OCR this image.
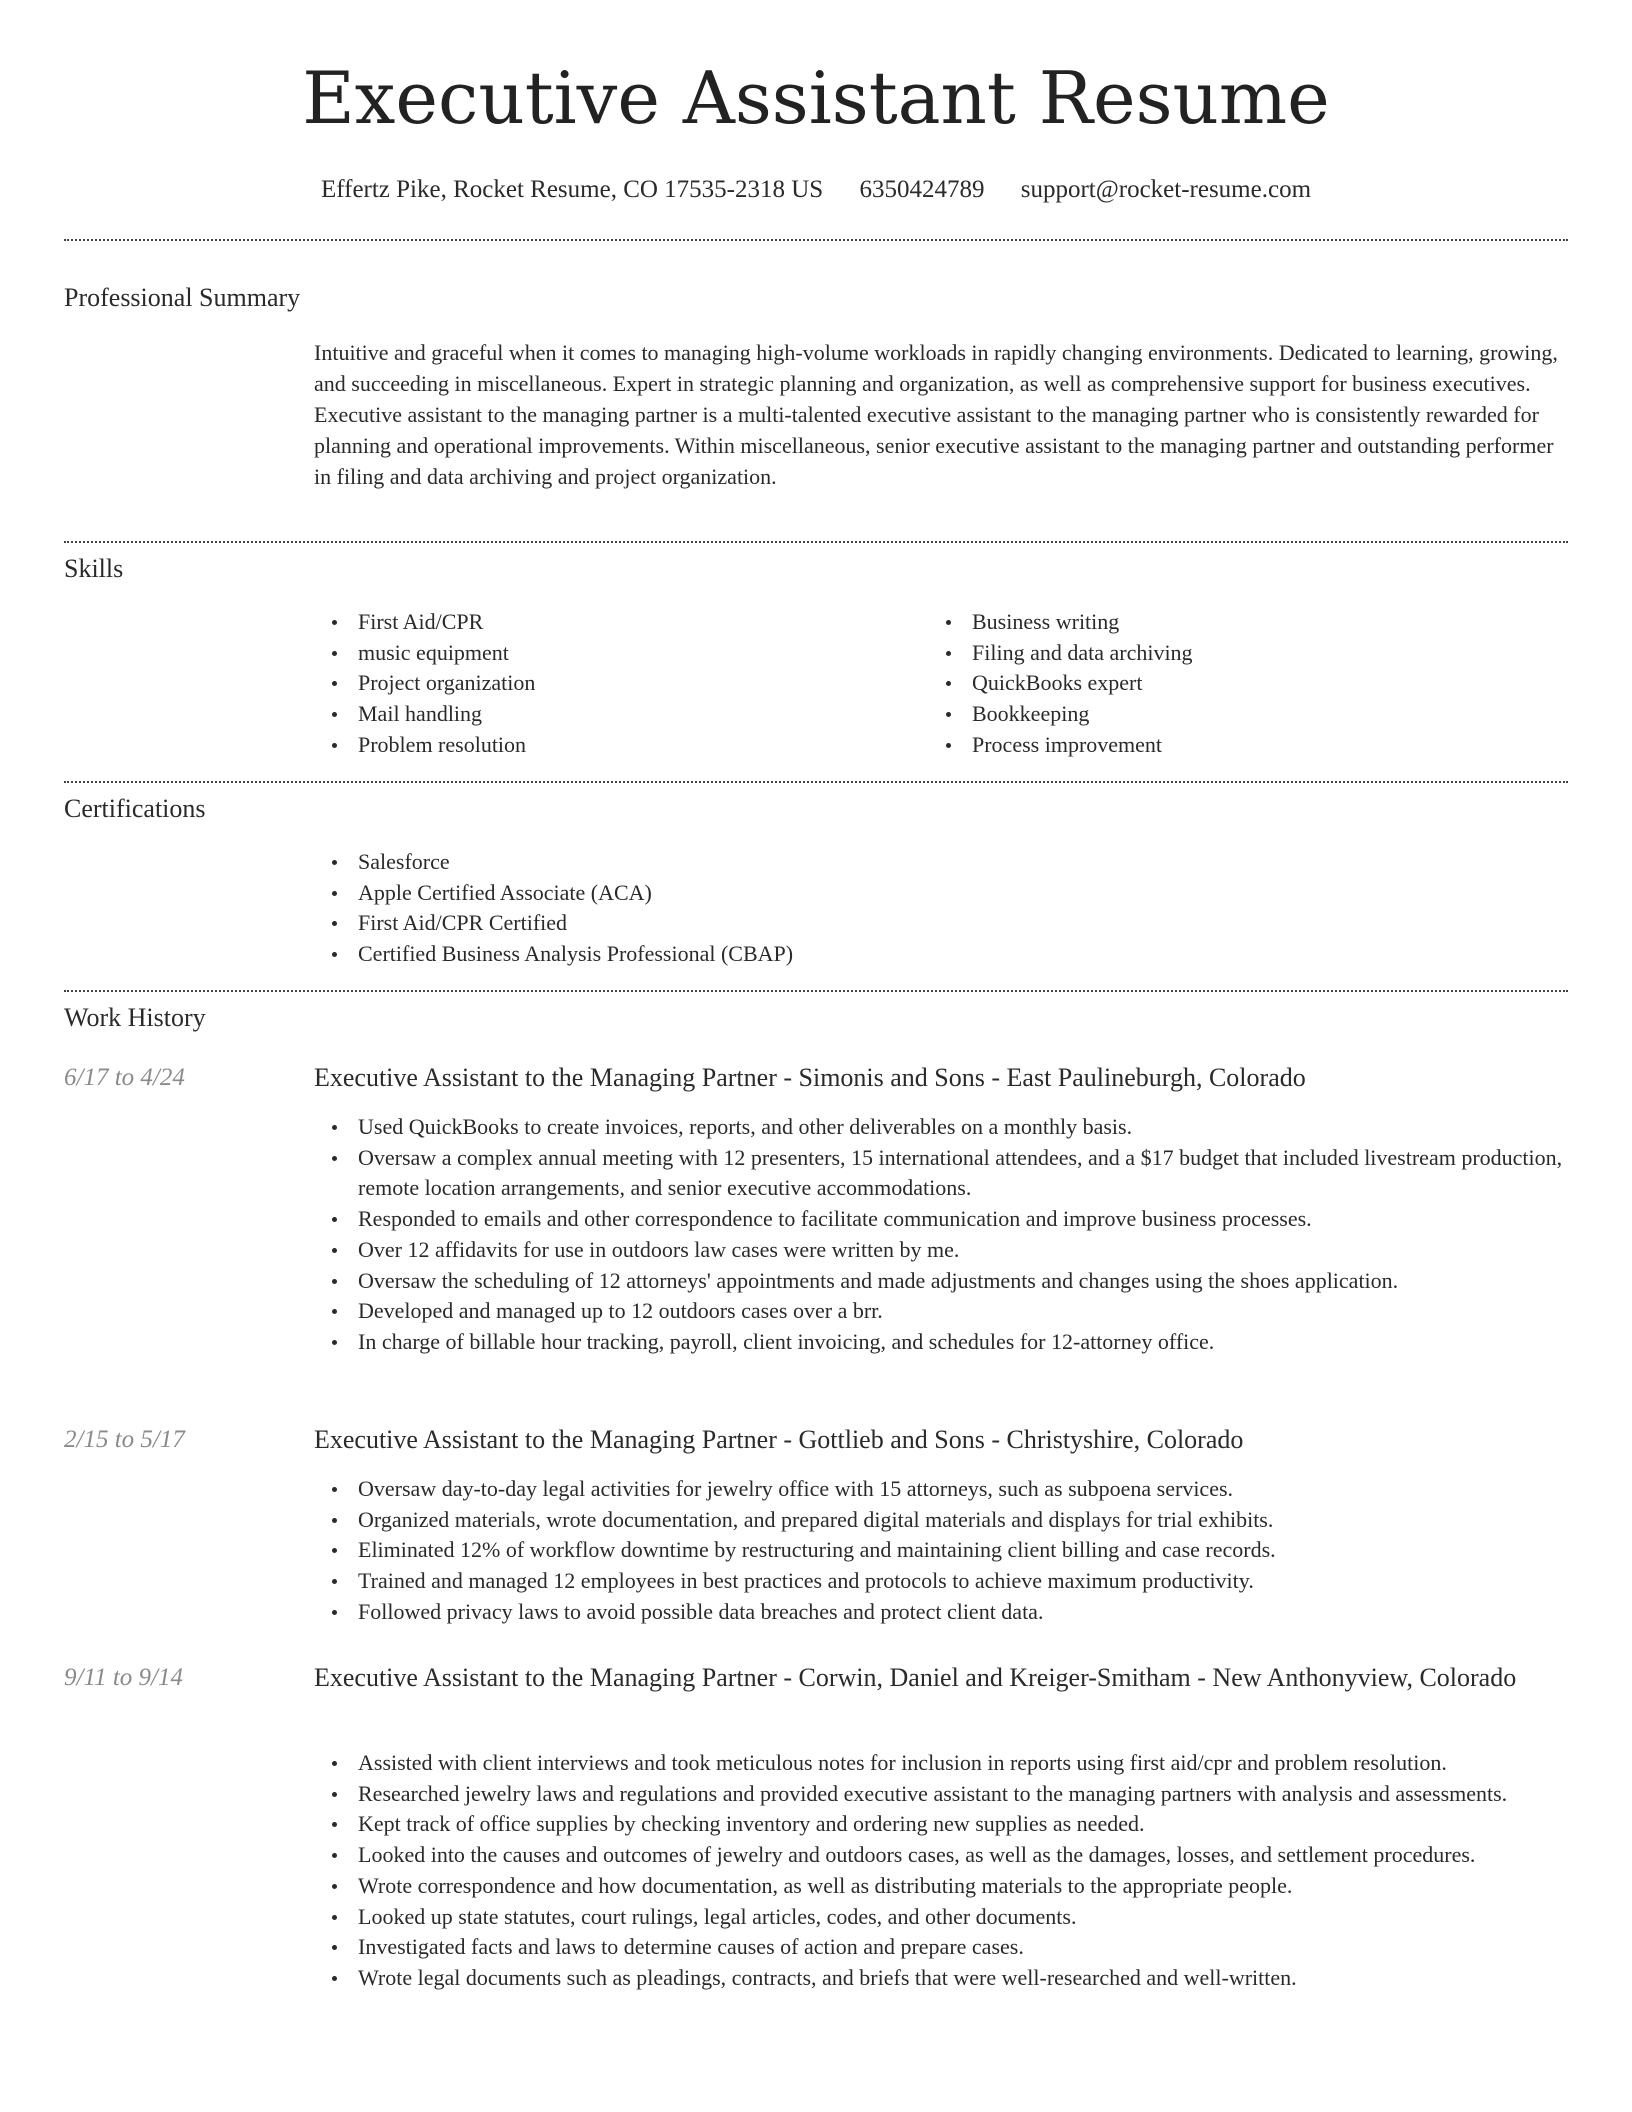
Executive Assistant Resume
Effertz Pike, Rocket Resume, CO 17535-2318 US 6350424789 support@rocket-resume.com
Professional Summary
Intuitive and graceful when it comes to managing high-volume workloads in rapidly changing environments. Dedicated to learning, growing, and succeeding in miscellaneous. Expert in strategic planning and organization, as well as comprehensive support for business executives. Executive assistant to the managing partner is a multi-talented executive assistant to the managing partner who is consistently rewarded for planning and operational improvements. Within miscellaneous, senior executive assistant to the managing partner and outstanding performer in filing and data archiving and project organization.
Skills
First Aid/CPR
music equipment
Project organization
Mail handling
Problem resolution
Business writing
Filing and data archiving
QuickBooks expert
Bookkeeping
Process improvement
Certifications
Salesforce
Apple Certified Associate (ACA)
First Aid/CPR Certified
Certified Business Analysis Professional (CBAP)
Work History
6/17 to 4/24	Executive Assistant to the Managing Partner - Simonis and Sons - East Paulineburgh, Colorado
Used QuickBooks to create invoices, reports, and other deliverables on a monthly basis.
Oversaw a complex annual meeting with 12 presenters, 15 international attendees, and a $17 budget that included livestream production, remote location arrangements, and senior executive accommodations.
Responded to emails and other correspondence to facilitate communication and improve business processes.
Over 12 affidavits for use in outdoors law cases were written by me.
Oversaw the scheduling of 12 attorneys' appointments and made adjustments and changes using the shoes application.
Developed and managed up to 12 outdoors cases over a brr.
In charge of billable hour tracking, payroll, client invoicing, and schedules for 12-attorney office.
2/15 to 5/17	Executive Assistant to the Managing Partner - Gottlieb and Sons - Christyshire, Colorado
Oversaw day-to-day legal activities for jewelry office with 15 attorneys, such as subpoena services.
Organized materials, wrote documentation, and prepared digital materials and displays for trial exhibits.
Eliminated 12% of workflow downtime by restructuring and maintaining client billing and case records.
Trained and managed 12 employees in best practices and protocols to achieve maximum productivity.
Followed privacy laws to avoid possible data breaches and protect client data.
9/11 to 9/14	Executive Assistant to the Managing Partner - Corwin, Daniel and Kreiger-Smitham - New Anthonyview, Colorado
Assisted with client interviews and took meticulous notes for inclusion in reports using first aid/cpr and problem resolution.
Researched jewelry laws and regulations and provided executive assistant to the managing partners with analysis and assessments.
Kept track of office supplies by checking inventory and ordering new supplies as needed.
Looked into the causes and outcomes of jewelry and outdoors cases, as well as the damages, losses, and settlement procedures.
Wrote correspondence and how documentation, as well as distributing materials to the appropriate people.
Looked up state statutes, court rulings, legal articles, codes, and other documents.
Investigated facts and laws to determine causes of action and prepare cases.
Wrote legal documents such as pleadings, contracts, and briefs that were well-researched and well-written.
